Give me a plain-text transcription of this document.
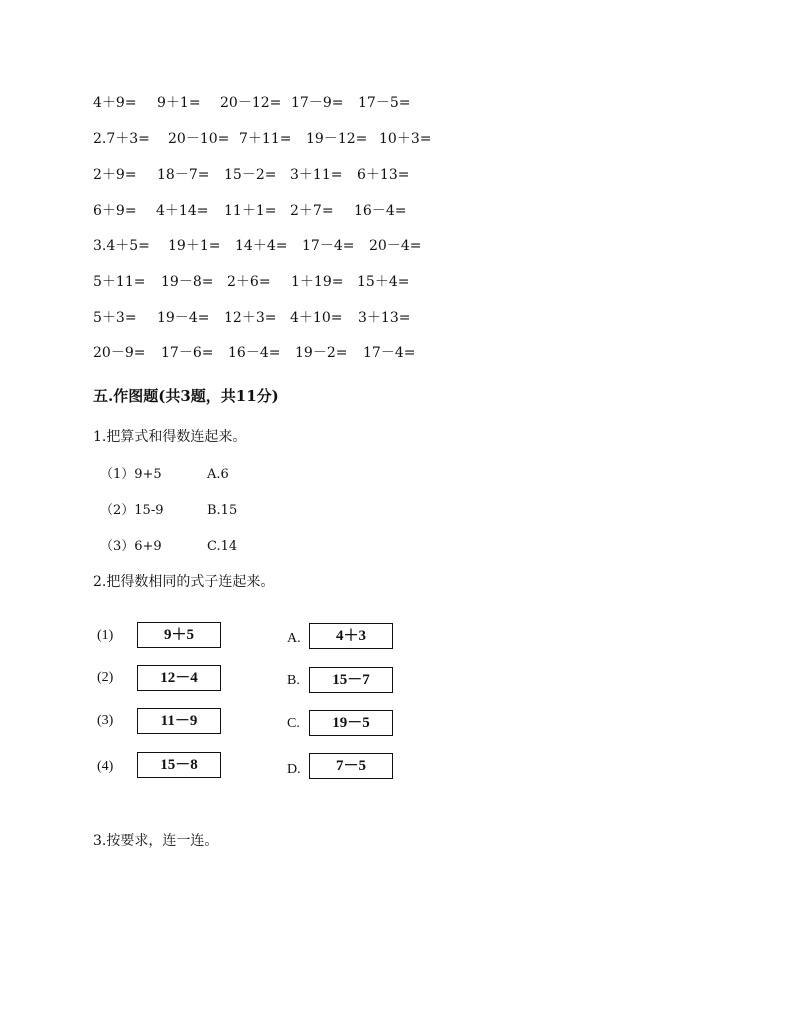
4＋9= 9＋1= 20－12= 17－9= 17－5=
2.7＋3= 20－10= 7＋11= 19－12= 10＋3=
2＋9= 18－7= 15－2= 3＋11= 6＋13=
6＋9= 4＋14= 11＋1= 2＋7= 16－4=
3.4＋5= 19＋1= 14＋4= 17－4= 20－4=
5＋11= 19－8= 2＋6= 1＋19= 15＋4=
5＋3= 19－4= 12＋3= 4＋10= 3＋13=
20－9= 17－6= 16－4= 19－2= 17－4=
五.作图题(共3题，共11分)
1.把算式和得数连起来。
（1）9+5	A.6
（2）15-9	B.15
（3）6+9	C.14
2.把得数相同的式子连起来。
(1)	9＋5	A.	4＋3
(2)	12－4	B.	15－7
(3)	11－9	C.	19－5
(4)	15－8	D.	7－5
3.按要求，连一连。
